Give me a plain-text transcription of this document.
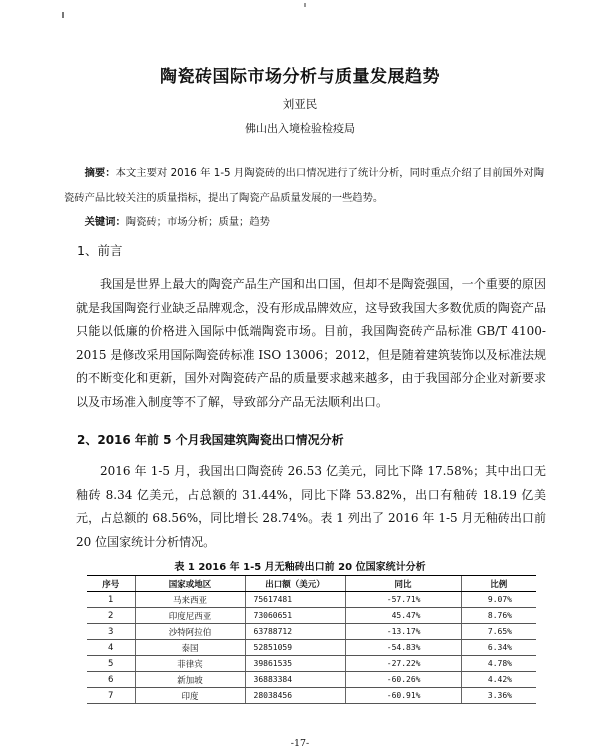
陶瓷砖国际市场分析与质量发展趋势
刘亚民
佛山出入境检验检疫局
摘要：本文主要对 2016 年 1-5 月陶瓷砖的出口情况进行了统计分析，同时重点介绍了目前国外对陶瓷砖产品比较关注的质量指标，提出了陶瓷产品质量发展的一些趋势。
关键词：陶瓷砖；市场分析；质量；趋势
1、前言
我国是世界上最大的陶瓷产品生产国和出口国，但却不是陶瓷强国，一个重要的原因就是我国陶瓷行业缺乏品牌观念，没有形成品牌效应，这导致我国大多数优质的陶瓷产品只能以低廉的价格进入国际中低端陶瓷市场。目前，我国陶瓷砖产品标准 GB/T 4100-2015 是修改采用国际陶瓷砖标准 ISO 13006；2012，但是随着建筑装饰以及标准法规的不断变化和更新，国外对陶瓷砖产品的质量要求越来越多，由于我国部分企业对新要求以及市场准入制度等不了解，导致部分产品无法顺利出口。
2、2016 年前 5 个月我国建筑陶瓷出口情况分析
2016 年 1-5 月，我国出口陶瓷砖 26.53 亿美元，同比下降 17.58%；其中出口无釉砖 8.34 亿美元，占总额的 31.44%，同比下降 53.82%，出口有釉砖 18.19 亿美元，占总额的 68.56%，同比增长 28.74%。表 1 列出了 2016 年 1-5 月无釉砖出口前 20 位国家统计分析情况。
表 1 2016 年 1-5 月无釉砖出口前 20 位国家统计分析
序号	国家或地区	出口额（美元）	同比	比例
1	马来西亚	75617481	-57.71%	9.07%
2	印度尼西亚	73060651	45.47%	8.76%
3	沙特阿拉伯	63788712	-13.17%	7.65%
4	泰国	52851059	-54.83%	6.34%
5	菲律宾	39861535	-27.22%	4.78%
6	新加坡	36883384	-60.26%	4.42%
7	印度	28038456	-60.91%	3.36%
-17-
